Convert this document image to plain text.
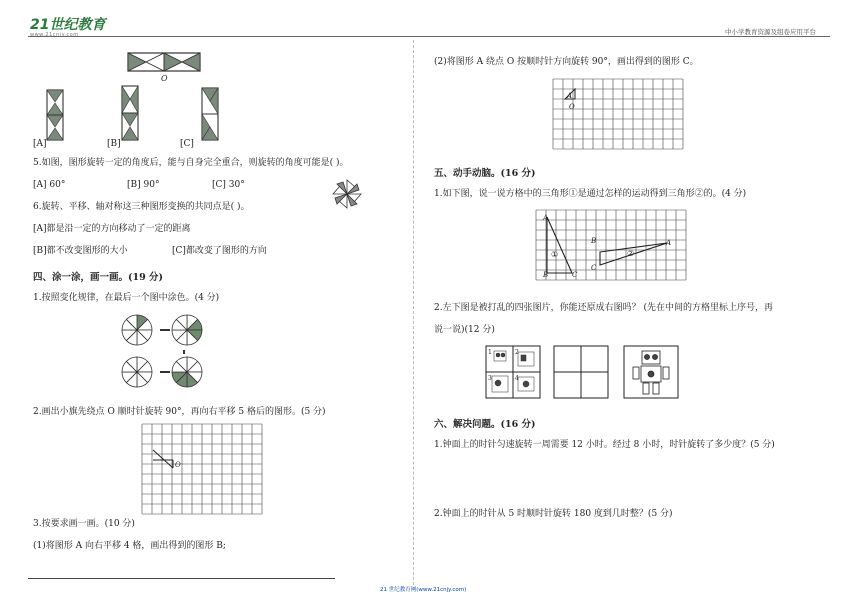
21世纪教育
www.21cnjy.com	中小学教育资源及组卷应用平台
O
[A]	[B]	[C]
5.如图，图形旋转一定的角度后，能与自身完全重合，则旋转的角度可能是( )。
[A] 60°	[B] 90°	[C] 30°
6.旋转、平移、轴对称这三种图形变换的共同点是( )。
[A]都是沿一定的方向移动了一定的距离
[B]都不改变图形的大小	[C]都改变了图形的方向
四、涂一涂，画一画。(19 分)
1.按照变化规律，在最后一个图中涂色。(4 分)
2.画出小旗先绕点 O 顺时针旋转 90°，再向右平移 5 格后的图形。(5 分)
O
3.按要求画一画。(10 分)
(1)将图形 A 向右平移 4 格，画出得到的图形 B;
(2)将图形 A 绕点 O 按顺时针方向旋转 90°，画出得到的图形 C。
A
O
五、动手动脑。(16 分)
1.如下图，说一说方格中的三角形①是通过怎样的运动得到三角形②的。(4 分)
A
B	C
B
C
A
①	②
2.左下图是被打乱的四张图片，你能还原成右图吗？ (先在中间的方格里标上序号，再
说一说)(12 分)
1	2
3	4
六、解决问题。(16 分)
1.钟面上的时针匀速旋转一周需要 12 小时。经过 8 小时，时针旋转了多少度？(5 分)
2.钟面上的时针从 5 时顺时针旋转 180 度到几时整？(5 分)
21 世纪教育网(www.21cnjy.com)
